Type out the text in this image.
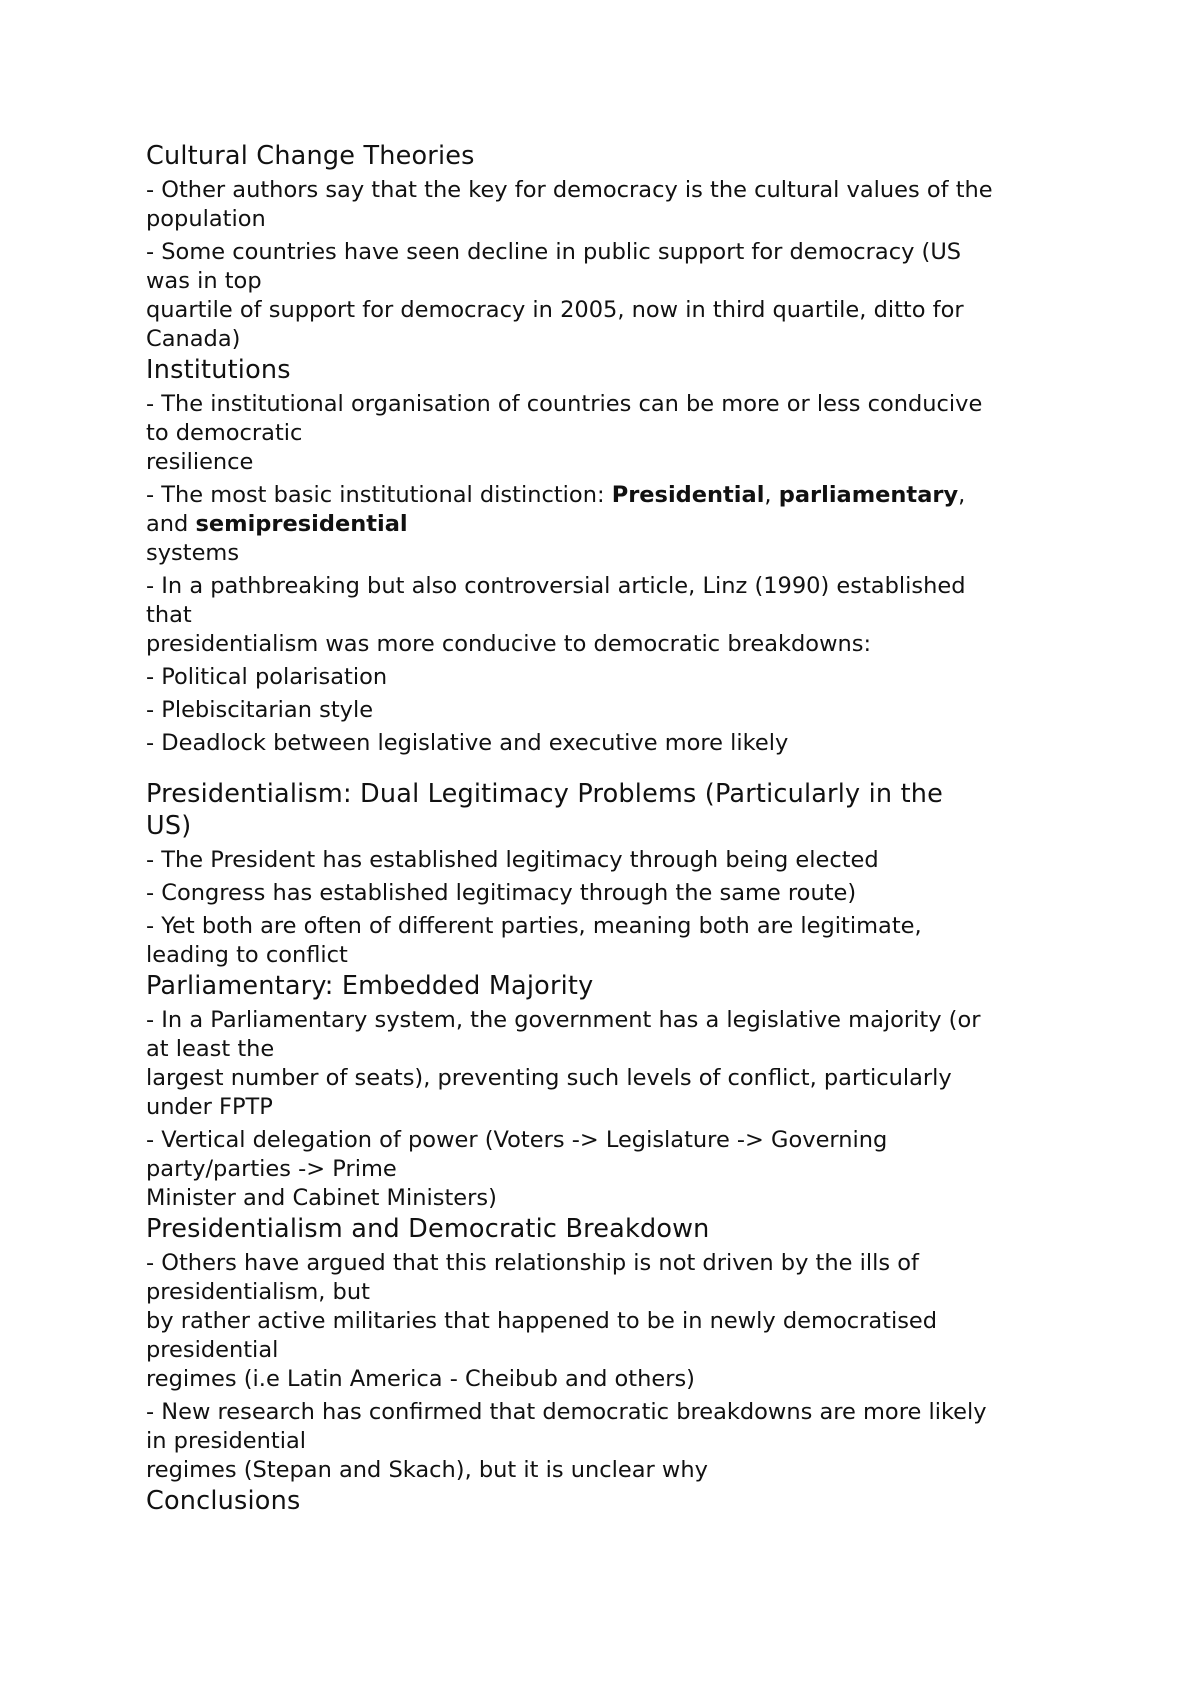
Cultural Change Theories
- Other authors say that the key for democracy is the cultural values of the
population
- Some countries have seen decline in public support for democracy (US
was in top
quartile of support for democracy in 2005, now in third quartile, ditto for
Canada)
Institutions
- The institutional organisation of countries can be more or less conducive
to democratic
resilience
- The most basic institutional distinction: Presidential, parliamentary,
and semipresidential
systems
- In a pathbreaking but also controversial article, Linz (1990) established
that
presidentialism was more conducive to democratic breakdowns:
- Political polarisation
- Plebiscitarian style
- Deadlock between legislative and executive more likely
Presidentialism: Dual Legitimacy Problems (Particularly in the
US)
- The President has established legitimacy through being elected
- Congress has established legitimacy through the same route)
- Yet both are often of different parties, meaning both are legitimate,
leading to conflict
Parliamentary: Embedded Majority
- In a Parliamentary system, the government has a legislative majority (or
at least the
largest number of seats), preventing such levels of conflict, particularly
under FPTP
- Vertical delegation of power (Voters -> Legislature -> Governing
party/parties -> Prime
Minister and Cabinet Ministers)
Presidentialism and Democratic Breakdown
- Others have argued that this relationship is not driven by the ills of
presidentialism, but
by rather active militaries that happened to be in newly democratised
presidential
regimes (i.e Latin America - Cheibub and others)
- New research has confirmed that democratic breakdowns are more likely
in presidential
regimes (Stepan and Skach), but it is unclear why
Conclusions
